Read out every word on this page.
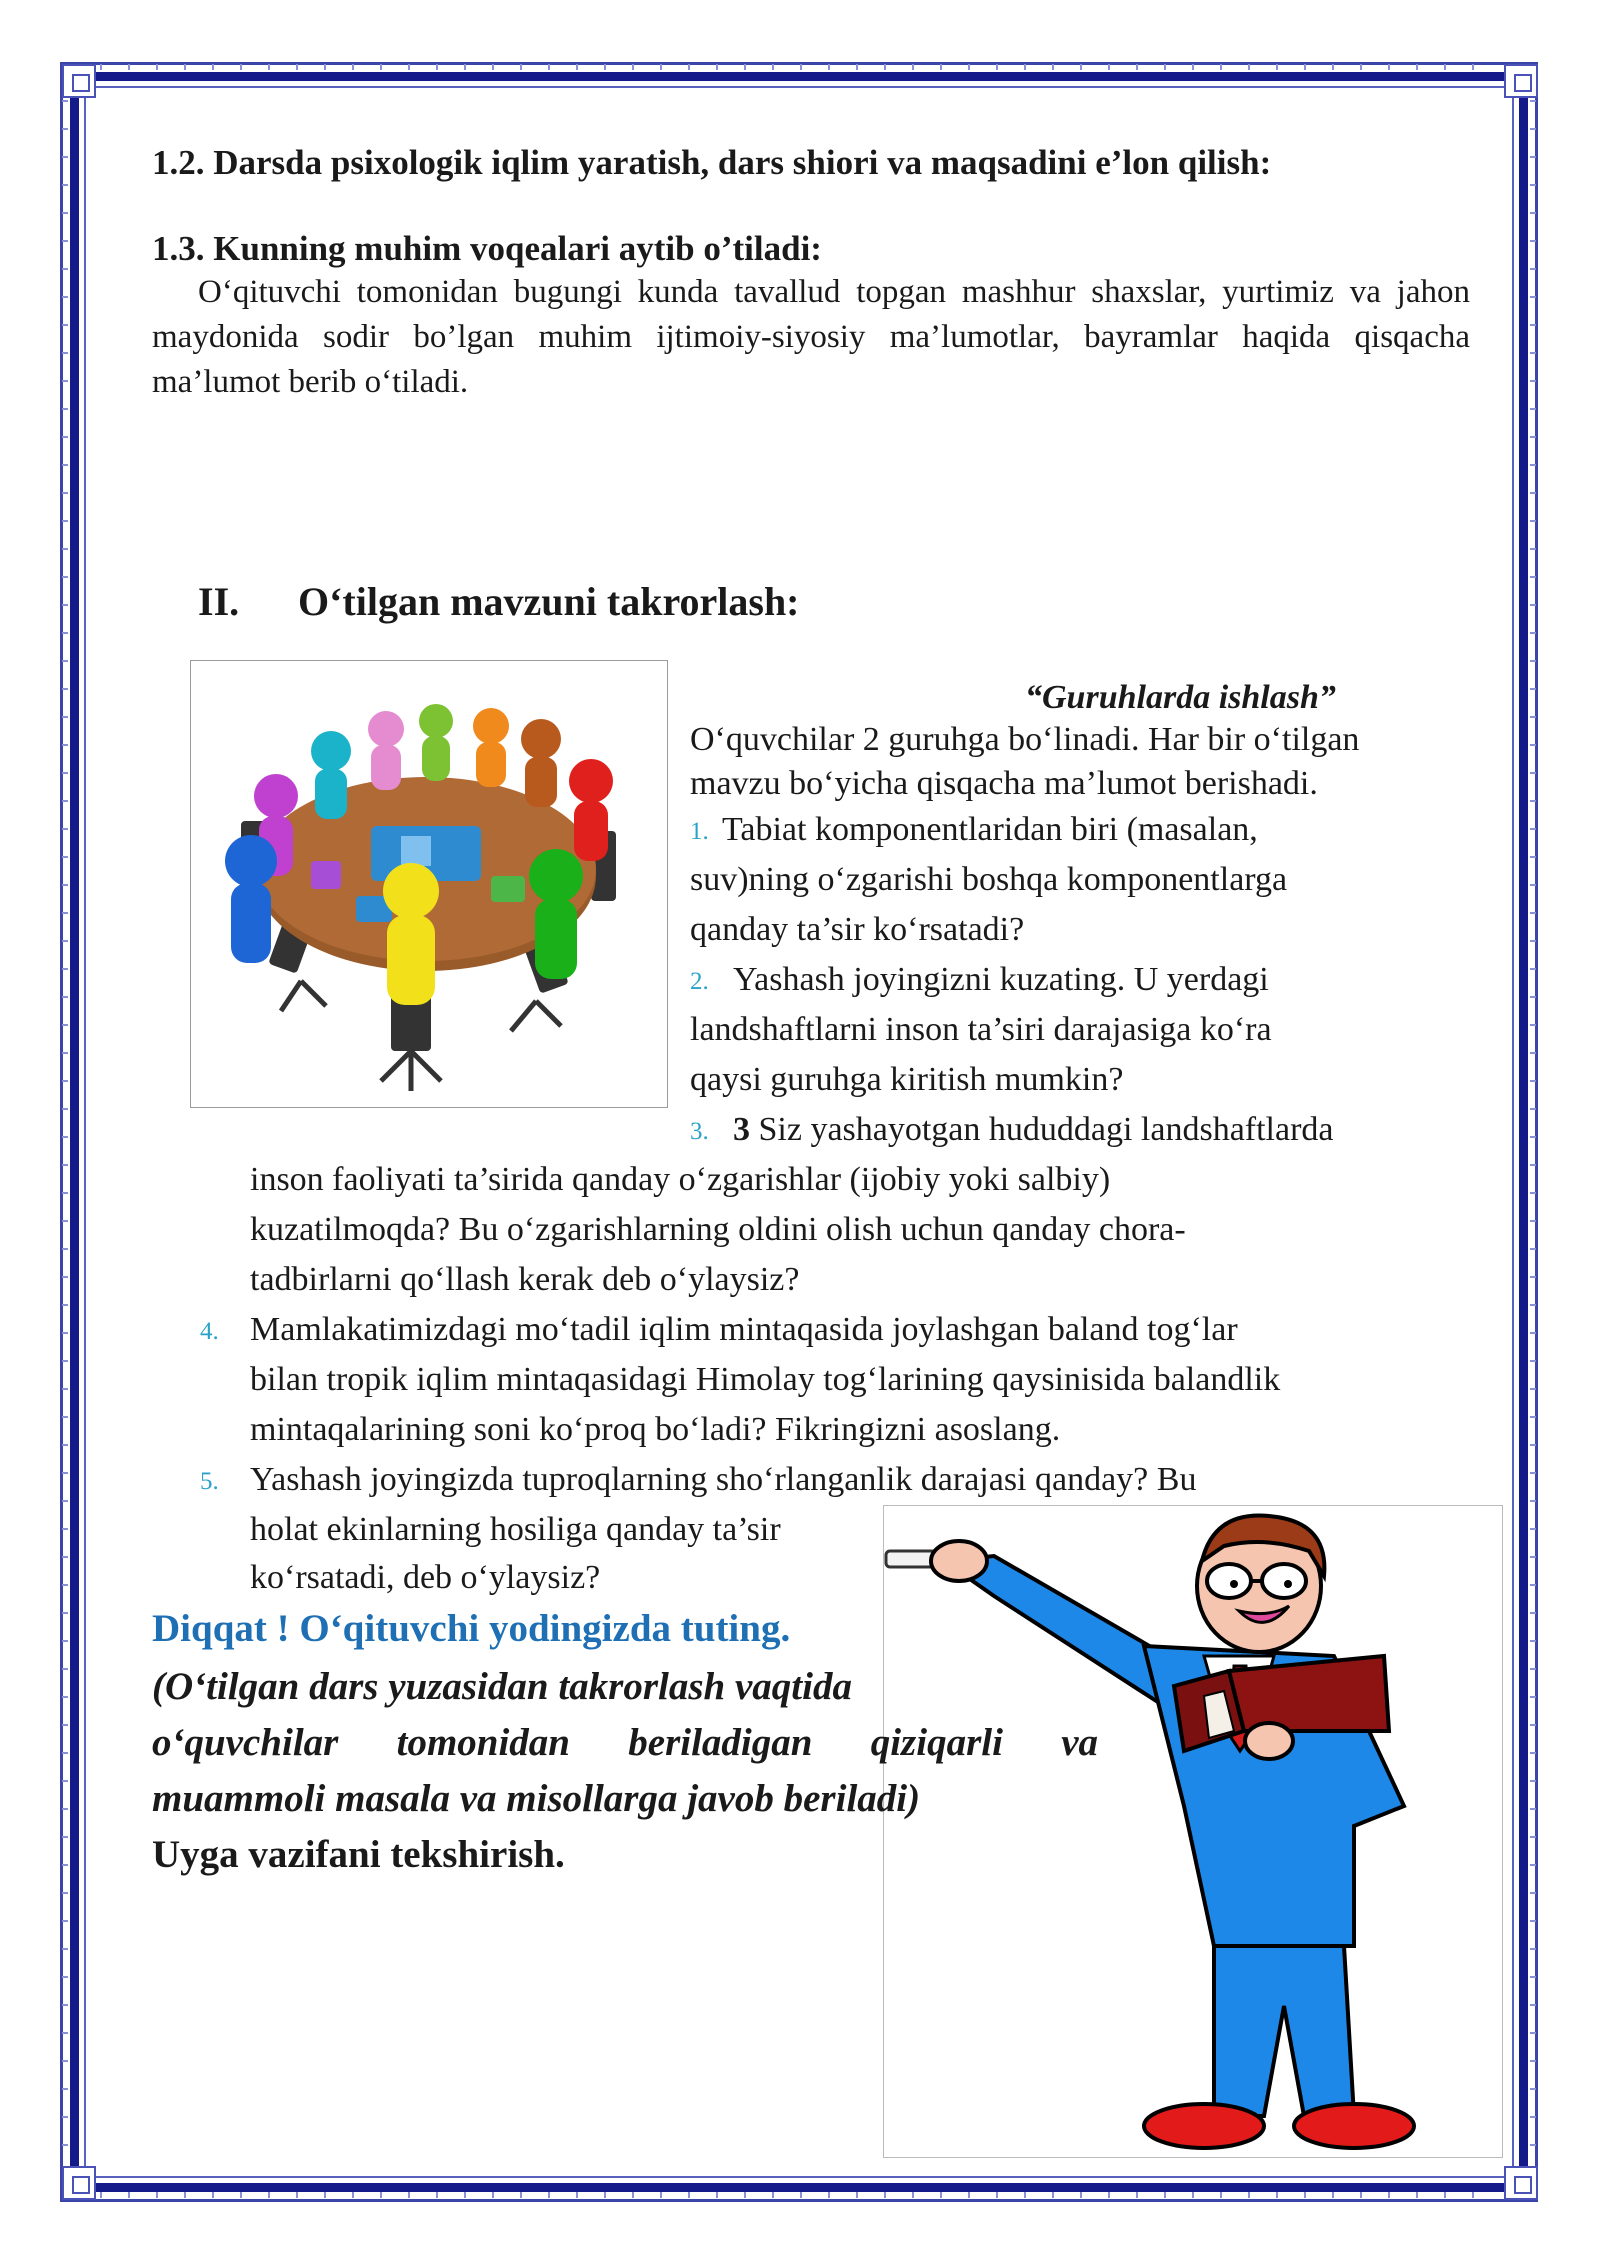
1.2. Darsda psixologik iqlim yaratish, dars shiori va maqsadini e’lon qilish:
1.3. Kunning muhim voqealari aytib o’tiladi:
O‘qituvchi tomonidan bugungi kunda tavallud topgan mashhur shaxslar, yurtimiz va jahon maydonida sodir bo’lgan muhim ijtimoiy-siyosiy ma’lumotlar, bayramlar haqida qisqacha ma’lumot berib o‘tiladi.
II. O‘tilgan mavzuni takrorlash:
“Guruhlarda ishlash”
O‘quvchilar 2 guruhga bo‘linadi. Har bir o‘tilgan
mavzu bo‘yicha qisqacha ma’lumot berishadi.
1. Tabiat komponentlaridan biri (masalan,
suv)ning o‘zgarishi boshqa komponentlarga
qanday ta’sir ko‘rsatadi?
2. Yashash joyingizni kuzating. U yerdagi
landshaftlarni inson ta’siri darajasiga ko‘ra
qaysi guruhga kiritish mumkin?
3. 3 Siz yashayotgan hududdagi landshaftlarda
inson faoliyati ta’sirida qanday o‘zgarishlar (ijobiy yoki salbiy)
kuzatilmoqda? Bu o‘zgarishlarning oldini olish uchun qanday chora-
tadbirlarni qo‘llash kerak deb o‘ylaysiz?
4. Mamlakatimizdagi mo‘tadil iqlim mintaqasida joylashgan baland tog‘lar
bilan tropik iqlim mintaqasidagi Himolay tog‘larining qaysinisida balandlik
mintaqalarining soni ko‘proq bo‘ladi? Fikringizni asoslang.
5. Yashash joyingizda tuproqlarning sho‘rlanganlik darajasi qanday? Bu
holat ekinlarning hosiliga qanday ta’sir
ko‘rsatadi, deb o‘ylaysiz?
Diqqat ! O‘qituvchi yodingizda tuting.
(O‘tilgan dars yuzasidan takrorlash vaqtida
o‘quvchilar tomonidan beriladigan qiziqarli va
muammoli masala va misollarga javob beriladi)
Uyga vazifani tekshirish.
